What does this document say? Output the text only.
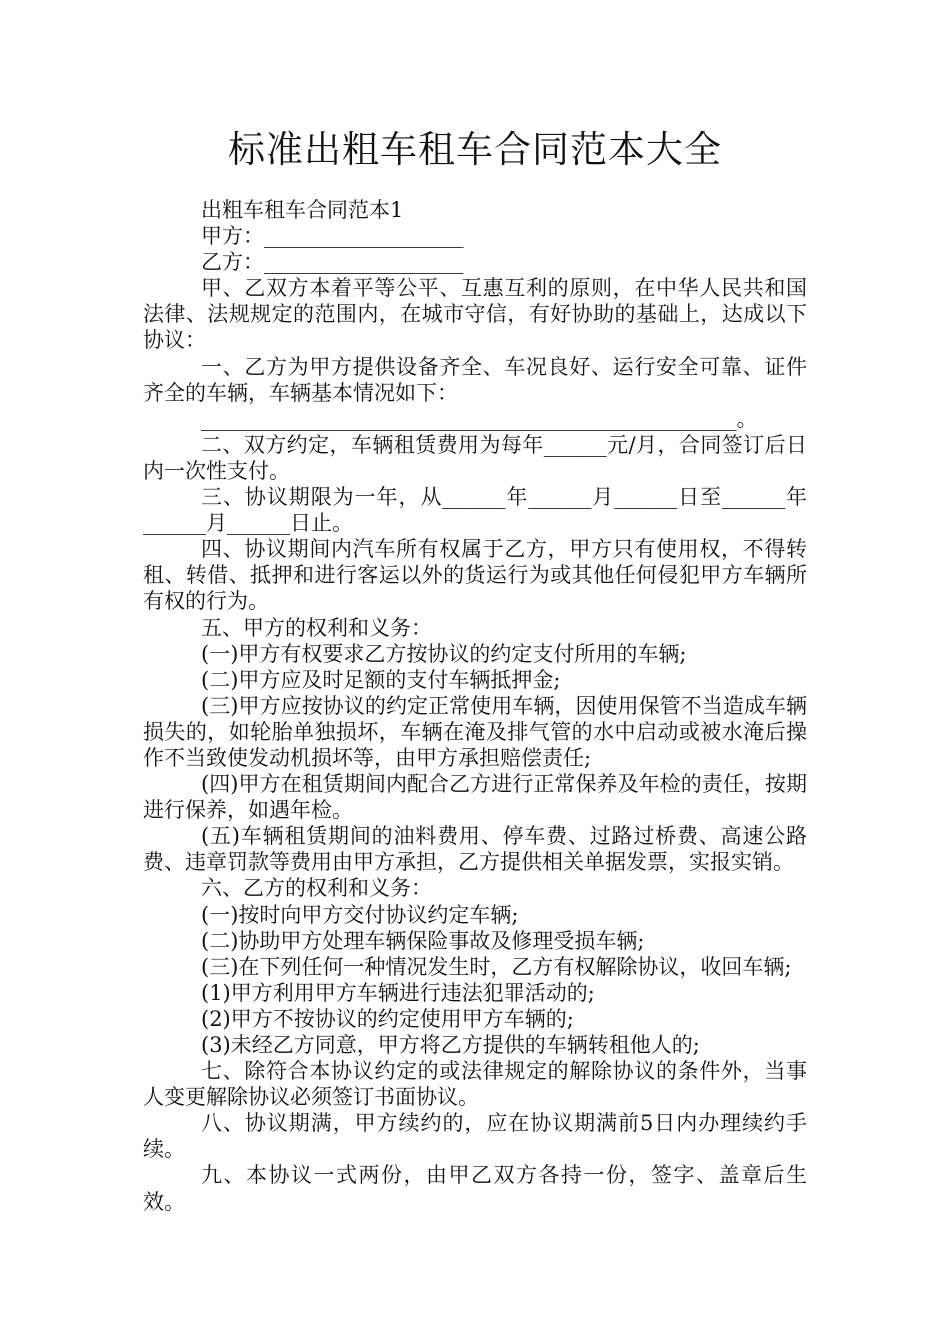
标准出粗车租车合同范本大全

出粗车租车合同范本1

甲方：___________________

乙方：___________________

甲、乙双方本着平等公平、互惠互利的原则，在中华人民共和国法律、法规规定的范围内，在城市守信，有好协助的基础上，达成以下协议：

一、乙方为甲方提供设备齐全、车况良好、运行安全可靠、证件齐全的车辆，车辆基本情况如下：

___________________________________________________。

二、双方约定，车辆租赁费用为每年______元/月，合同签订后日内一次性支付。

三、协议期限为一年，从______年______月______日至______年______月______日止。

四、协议期间内汽车所有权属于乙方，甲方只有使用权，不得转租、转借、抵押和进行客运以外的货运行为或其他任何侵犯甲方车辆所有权的行为。

五、甲方的权利和义务：

(一)甲方有权要求乙方按协议的约定支付所用的车辆;

(二)甲方应及时足额的支付车辆抵押金;

(三)甲方应按协议的约定正常使用车辆，因使用保管不当造成车辆损失的，如轮胎单独损坏，车辆在淹及排气管的水中启动或被水淹后操作不当致使发动机损坏等，由甲方承担赔偿责任;

(四)甲方在租赁期间内配合乙方进行正常保养及年检的责任，按期进行保养，如遇年检。

(五)车辆租赁期间的油料费用、停车费、过路过桥费、高速公路费、违章罚款等费用由甲方承担，乙方提供相关单据发票，实报实销。

六、乙方的权利和义务：

(一)按时向甲方交付协议约定车辆;

(二)协助甲方处理车辆保险事故及修理受损车辆;

(三)在下列任何一种情况发生时，乙方有权解除协议，收回车辆;

(1)甲方利用甲方车辆进行违法犯罪活动的;

(2)甲方不按协议的约定使用甲方车辆的;

(3)未经乙方同意，甲方将乙方提供的车辆转租他人的;

七、除符合本协议约定的或法律规定的解除协议的条件外，当事人变更解除协议必须签订书面协议。

八、协议期满，甲方续约的，应在协议期满前5日内办理续约手续。

九、本协议一式两份，由甲乙双方各持一份，签字、盖章后生效。
